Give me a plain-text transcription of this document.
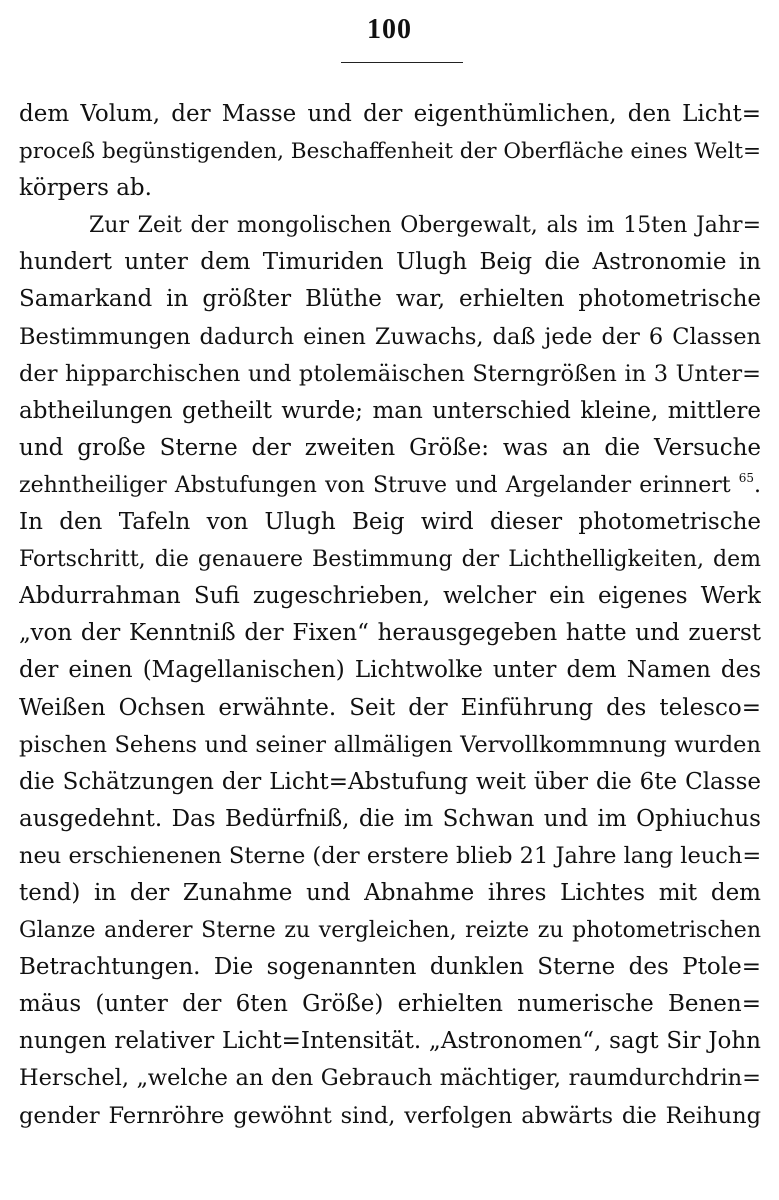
100
dem Volum, der Masse und der eigenthümlichen, den Licht=
proceß begünstigenden, Beschaffenheit der Oberfläche eines Welt=
körpers ab.
Zur Zeit der mongolischen Obergewalt, als im 15ten Jahr=
hundert unter dem Timuriden Ulugh Beig die Astronomie in
Samarkand in größter Blüthe war, erhielten photometrische
Bestimmungen dadurch einen Zuwachs, daß jede der 6 Classen
der hipparchischen und ptolemäischen Sterngrößen in 3 Unter=
abtheilungen getheilt wurde; man unterschied kleine, mittlere
und große Sterne der zweiten Größe: was an die Versuche
zehntheiliger Abstufungen von Struve und Argelander erinnert $^{65}$.
In den Tafeln von Ulugh Beig wird dieser photometrische
Fortschritt, die genauere Bestimmung der Lichthelligkeiten, dem
Abdurrahman Sufi zugeschrieben, welcher ein eigenes Werk
„von der Kenntniß der Fixen“ herausgegeben hatte und zuerst
der einen (Magellanischen) Lichtwolke unter dem Namen des
Weißen Ochsen erwähnte. Seit der Einführung des telesco=
pischen Sehens und seiner allmäligen Vervollkommnung wurden
die Schätzungen der Licht=Abstufung weit über die 6te Classe
ausgedehnt. Das Bedürfniß, die im Schwan und im Ophiuchus
neu erschienenen Sterne (der erstere blieb 21 Jahre lang leuch=
tend) in der Zunahme und Abnahme ihres Lichtes mit dem
Glanze anderer Sterne zu vergleichen, reizte zu photometrischen
Betrachtungen. Die sogenannten dunklen Sterne des Ptole=
mäus (unter der 6ten Größe) erhielten numerische Benen=
nungen relativer Licht=Intensität. „Astronomen“, sagt Sir John
Herschel, „welche an den Gebrauch mächtiger, raumdurchdrin=
gender Fernröhre gewöhnt sind, verfolgen abwärts die Reihung
